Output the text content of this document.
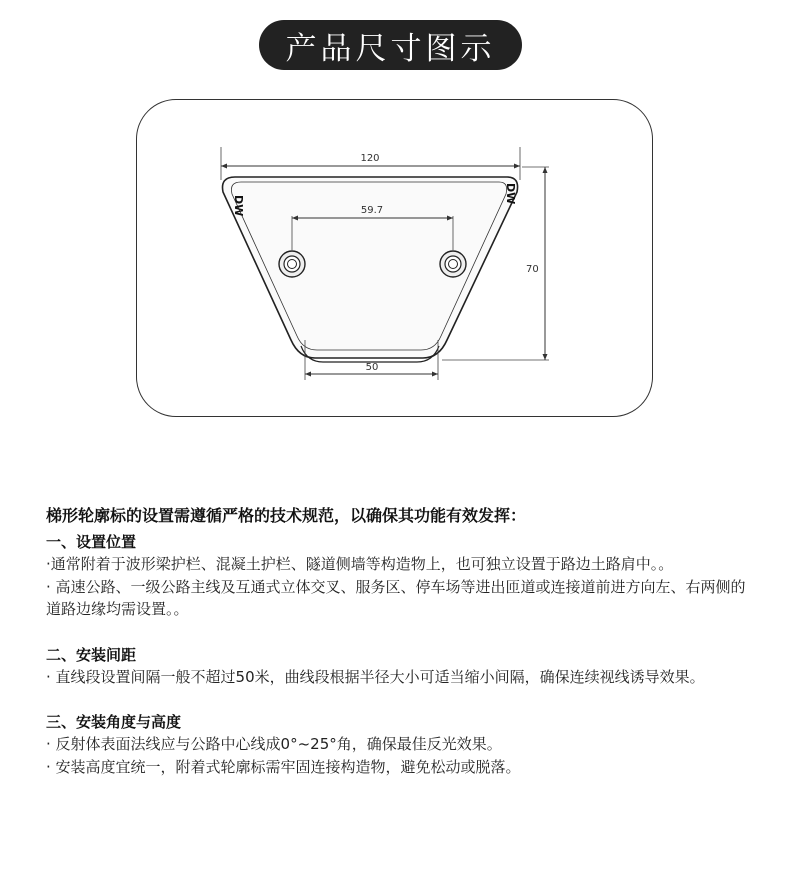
产品尺寸图示
120
DW
DW
59.7
70
50

梯形轮廓标的设置需遵循严格的技术规范，以确保其功能有效发挥：

一、设置位置

·通常附着于波形梁护栏、混凝土护栏、隧道侧墙等构造物上，也可独立设置于路边土路肩中。。

· 高速公路、一级公路主线及互通式立体交叉、服务区、停车场等进出匝道或连接道前进方向左、右两侧的道路边缘均需设置。。

二、安装间距

· 直线段设置间隔一般不超过50米，曲线段根据半径大小可适当缩小间隔，确保连续视线诱导效果。

三、安装角度与高度

· 反射体表面法线应与公路中心线成0°~25°角，确保最佳反光效果。

· 安装高度宜统一，附着式轮廓标需牢固连接构造物，避免松动或脱落。
